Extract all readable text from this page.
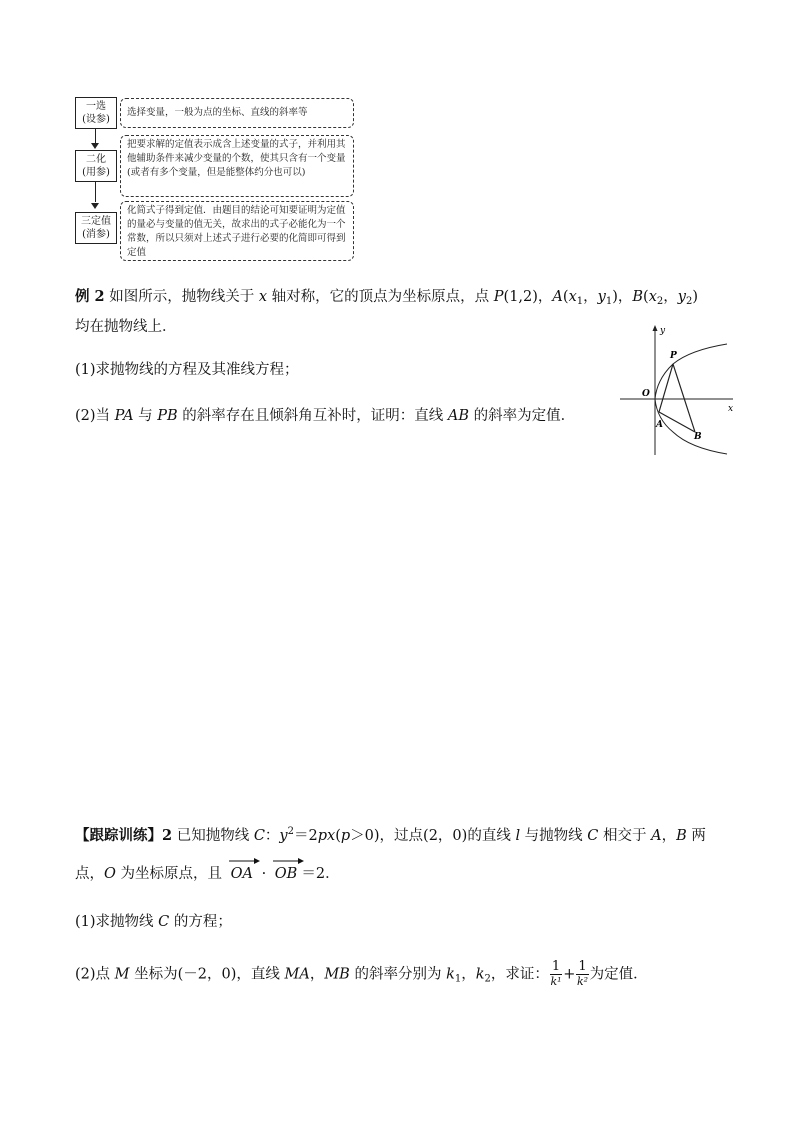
一选
(设参)
选择变量，一般为点的坐标、直线的斜率等
二化
(用参)
把要求解的定值表示成含上述变量的式子，并利用其他辅助条件来减少变量的个数，使其只含有一个变量(或者有多个变量，但是能整体约分也可以)
三定值
(消参)
化简式子得到定值．由题目的结论可知要证明为定值的量必与变量的值无关，故求出的式子必能化为一个常数，所以只须对上述式子进行必要的化简即可得到定值
例 2 如图所示，抛物线关于 x 轴对称，它的顶点为坐标原点，点 P(1,2)，$A(x_1$，$y_1$)，$B(x_2$，$y_2$)
均在抛物线上．
(1)求抛物线的方程及其准线方程；
(2)当 PA 与 PB 的斜率存在且倾斜角互补时，证明：直线 AB 的斜率为定值．
y
x
O
P
A
B
【跟踪训练】2 已知抛物线 C：$y^2=2px(p>0)$，过点(2，0)的直线 l 与抛物线 C 相交于 A，B 两
点，O 为坐标原点，且
OA · OB ＝2．
(1)求抛物线 C 的方程；
(2)点 M 坐标为(－2，0)，直线 MA，MB 的斜率分别为 $k_1$，$k_2$，求证： $\frac{1}{\text{k¹}} + \frac{1}{\text{k²}}$ 为定值．
